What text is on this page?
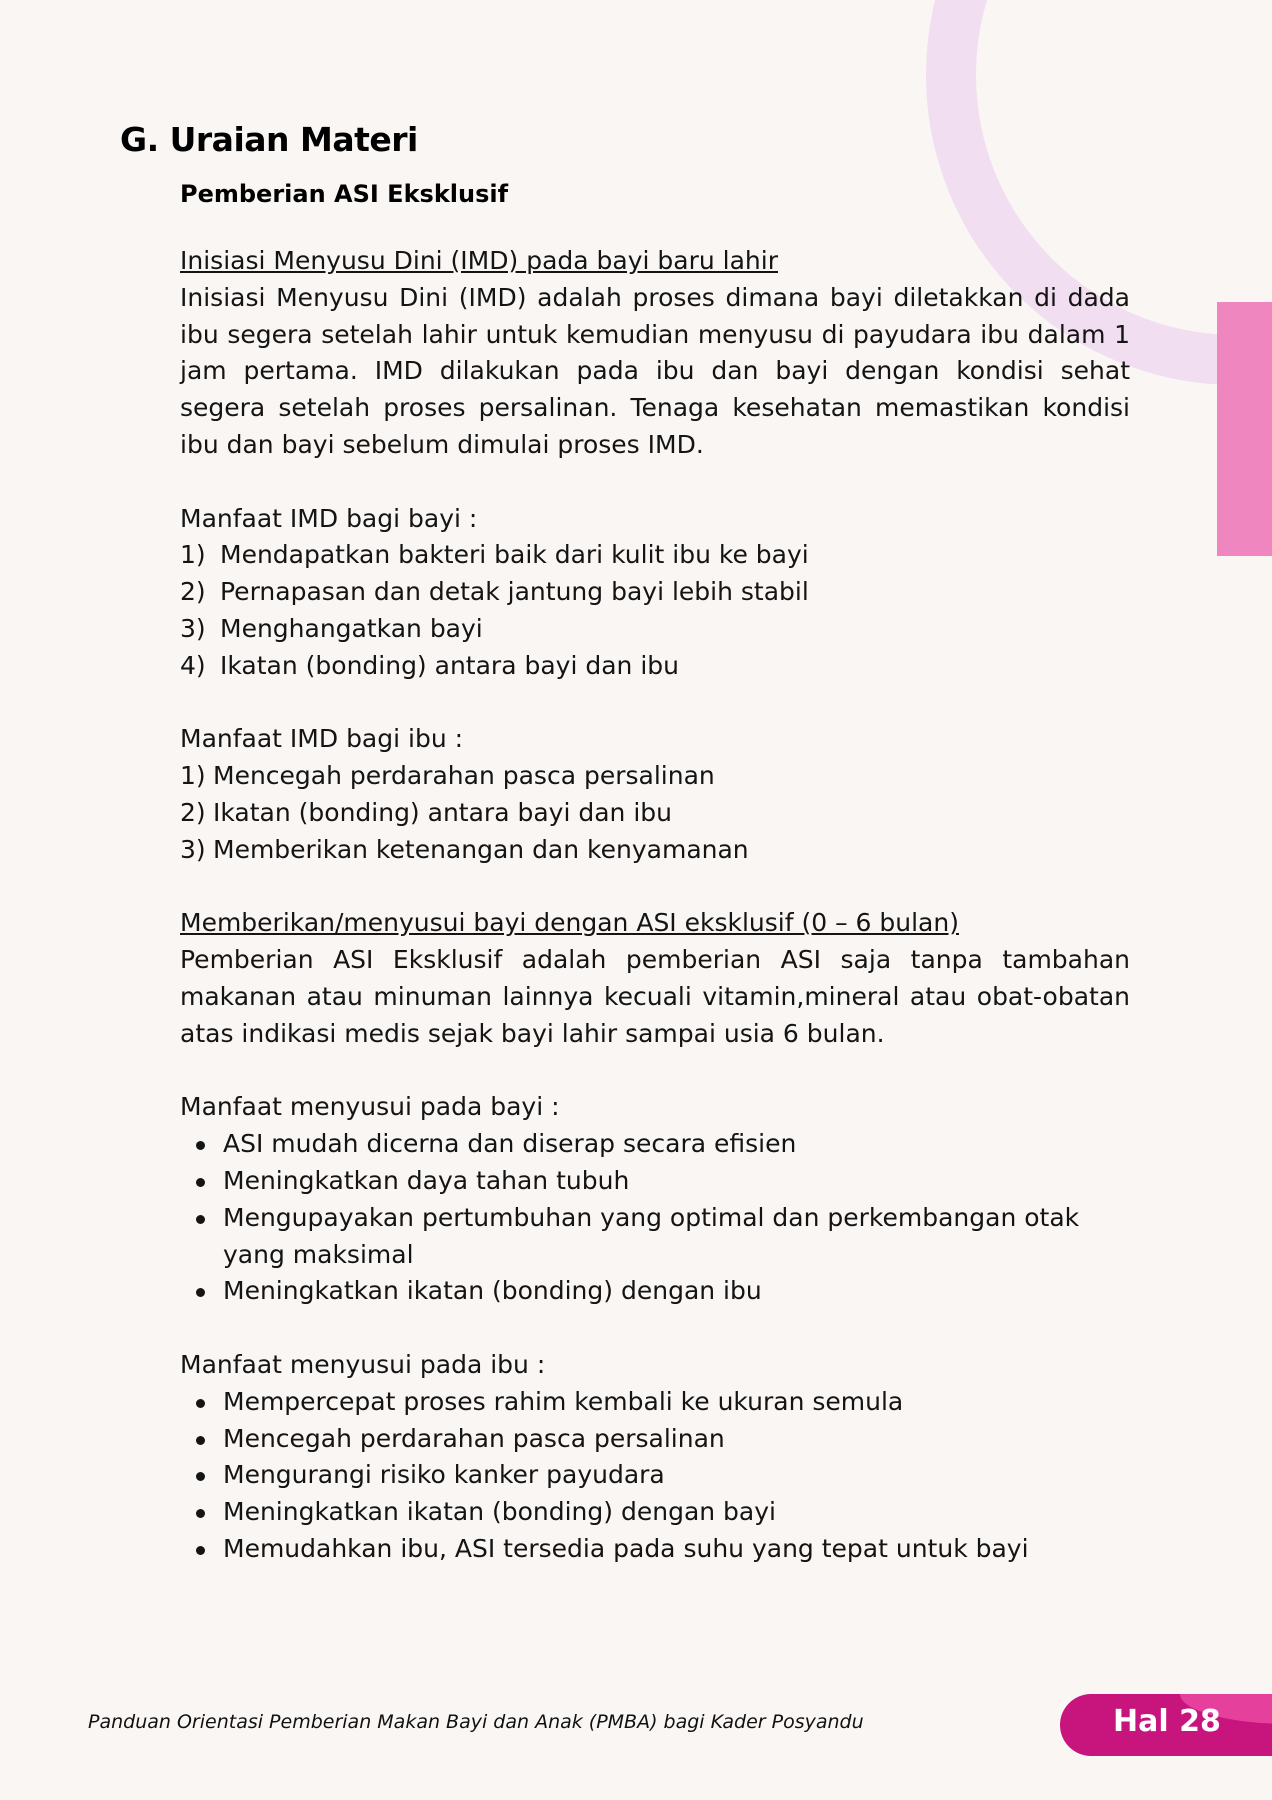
G. Uraian Materi
Pemberian ASI Eksklusif

Inisiasi Menyusu Dini (IMD) pada bayi baru lahir

Inisiasi Menyusu Dini (IMD) adalah proses dimana bayi diletakkan di dada ibu segera setelah lahir untuk kemudian menyusu di payudara ibu dalam 1 jam pertama. IMD dilakukan pada ibu dan bayi dengan kondisi sehat segera setelah proses persalinan. Tenaga kesehatan memastikan kondisi ibu dan bayi sebelum dimulai proses IMD.

Manfaat IMD bagi bayi :

1) Mendapatkan bakteri baik dari kulit ibu ke bayi
2) Pernapasan dan detak jantung bayi lebih stabil
3) Menghangatkan bayi
4) Ikatan (bonding) antara bayi dan ibu

Manfaat IMD bagi ibu :

1) Mencegah perdarahan pasca persalinan
2) Ikatan (bonding) antara bayi dan ibu
3) Memberikan ketenangan dan kenyamanan

Memberikan/menyusui bayi dengan ASI eksklusif (0 – 6 bulan)

Pemberian ASI Eksklusif adalah pemberian ASI saja tanpa tambahan makanan atau minuman lainnya kecuali vitamin,mineral atau obat-obatan atas indikasi medis sejak bayi lahir sampai usia 6 bulan.

Manfaat menyusui pada bayi :

ASI mudah dicerna dan diserap secara efisien
Meningkatkan daya tahan tubuh
Mengupayakan pertumbuhan yang optimal dan perkembangan otak yang maksimal
Meningkatkan ikatan (bonding) dengan ibu

Manfaat menyusui pada ibu :

Mempercepat proses rahim kembali ke ukuran semula
Mencegah perdarahan pasca persalinan
Mengurangi risiko kanker payudara
Meningkatkan ikatan (bonding) dengan bayi
Memudahkan ibu, ASI tersedia pada suhu yang tepat untuk bayi
Panduan Orientasi Pemberian Makan Bayi dan Anak (PMBA) bagi Kader Posyandu	Hal 28
